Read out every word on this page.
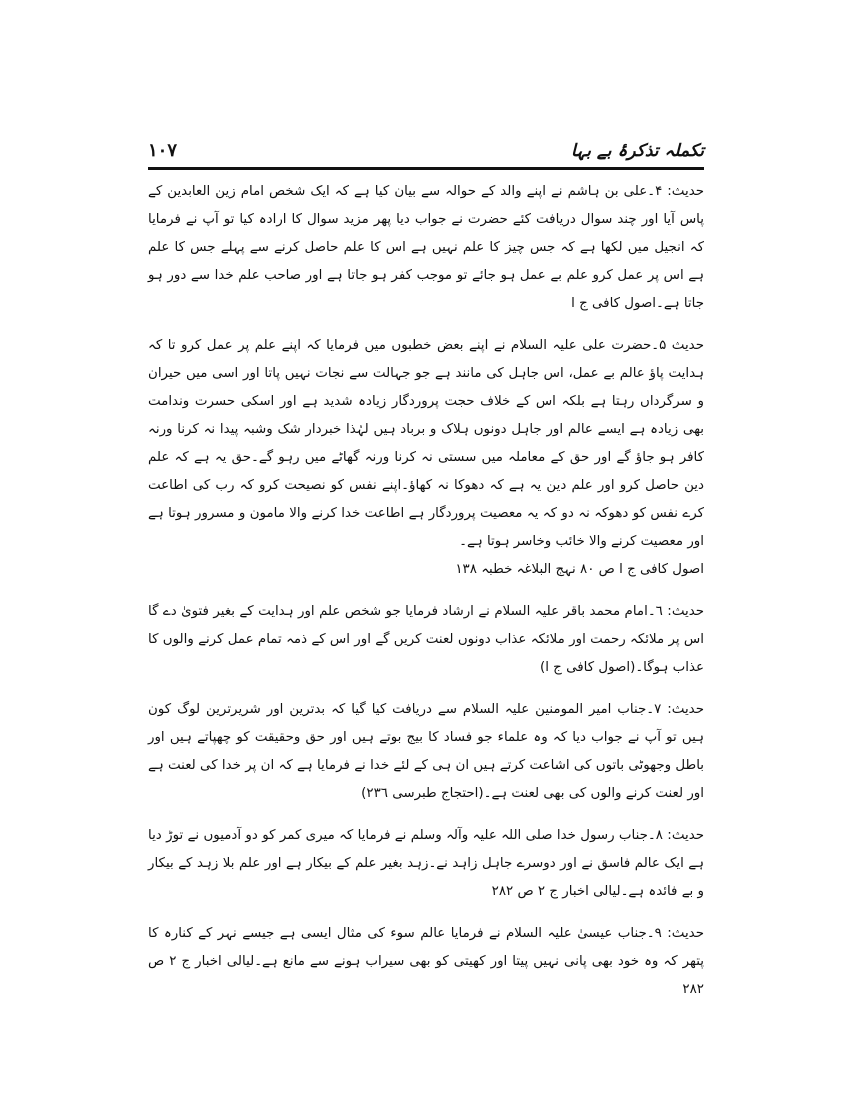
۱۰۷	تکملہ تذکرۂ بے بہا

حدیث: ۴۔علی بن ہاشم نے اپنے والد کے حوالہ سے بیان کیا ہے کہ ایک شخص امام زین العابدین کے پاس آیا اور چند سوال دریافت کئے حضرت نے جواب دیا پھر مزید سوال کا ارادہ کیا تو آپ نے فرمایا کہ انجیل میں لکھا ہے کہ جس چیز کا علم نہیں ہے اس کا علم حاصل کرنے سے پہلے جس کا علم ہے اس پر عمل کرو علم بے عمل ہو جائے تو موجب کفر ہو جاتا ہے اور صاحب علم خدا سے دور ہو جاتا ہے۔اصول کافی ج ا

حدیث ۵۔حضرت علی علیہ السلام نے اپنے بعض خطبوں میں فرمایا کہ اپنے علم پر عمل کرو تا کہ ہدایت پاؤ عالم بے عمل، اس جاہل کی مانند ہے جو جہالت سے نجات نہیں پاتا اور اسی میں حیران و سرگرداں رہتا ہے بلکہ اس کے خلاف حجت پروردگار زیادہ شدید ہے اور اسکی حسرت وندامت بھی زیادہ ہے ایسے عالم اور جاہل دونوں ہلاک و برباد ہیں لہٰذا خبردار شک وشبہ پیدا نہ کرنا ورنہ کافر ہو جاؤ گے اور حق کے معاملہ میں سستی نہ کرنا ورنہ گھاٹے میں رہو گے۔حق یہ ہے کہ علم دین حاصل کرو اور علم دین یہ ہے کہ دھوکا نہ کھاؤ۔اپنے نفس کو نصیحت کرو کہ رب کی اطاعت کرے نفس کو دھوکہ نہ دو کہ یہ معصیت پروردگار ہے اطاعت خدا کرنے والا مامون و مسرور ہوتا ہے اور معصیت کرنے والا خائب وخاسر ہوتا ہے۔

اصول کافی ج ا ص ۸۰ نہج البلاغہ خطبہ ۱۳۸

حدیث: ٦۔امام محمد باقر علیہ السلام نے ارشاد فرمایا جو شخص علم اور ہدایت کے بغیر فتویٰ دے گا اس پر ملائکہ رحمت اور ملائکہ عذاب دونوں لعنت کریں گے اور اس کے ذمہ تمام عمل کرنے والوں کا عذاب ہوگا۔(اصول کافی ج ا)

حدیث: ۷۔جناب امیر المومنین علیہ السلام سے دریافت کیا گیا کہ بدترین اور شریرترین لوگ کون ہیں تو آپ نے جواب دیا کہ وہ علماء جو فساد کا بیج بوتے ہیں اور حق وحقیقت کو چھپاتے ہیں اور باطل وجھوٹی باتوں کی اشاعت کرتے ہیں ان ہی کے لئے خدا نے فرمایا ہے کہ ان پر خدا کی لعنت ہے اور لعنت کرنے والوں کی بھی لعنت ہے۔(احتجاج طبرسی ۲۳٦)

حدیث: ۸۔جناب رسول خدا صلی اللہ علیہ وآلہ وسلم نے فرمایا کہ میری کمر کو دو آدمیوں نے توڑ دیا ہے ایک عالم فاسق نے اور دوسرے جاہل زاہد نے۔زہد بغیر علم کے بیکار ہے اور علم بلا زہد کے بیکار و بے فائدہ ہے۔لیالی اخبار ج ۲ ص ۲۸۲

حدیث: ۹۔جناب عیسیٰ علیہ السلام نے فرمایا عالم سوء کی مثال ایسی ہے جیسے نہر کے کنارہ کا پتھر کہ وہ خود بھی پانی نہیں پیتا اور کھیتی کو بھی سیراب ہونے سے مانع ہے۔لیالی اخبار ج ۲ ص ۲۸۲
